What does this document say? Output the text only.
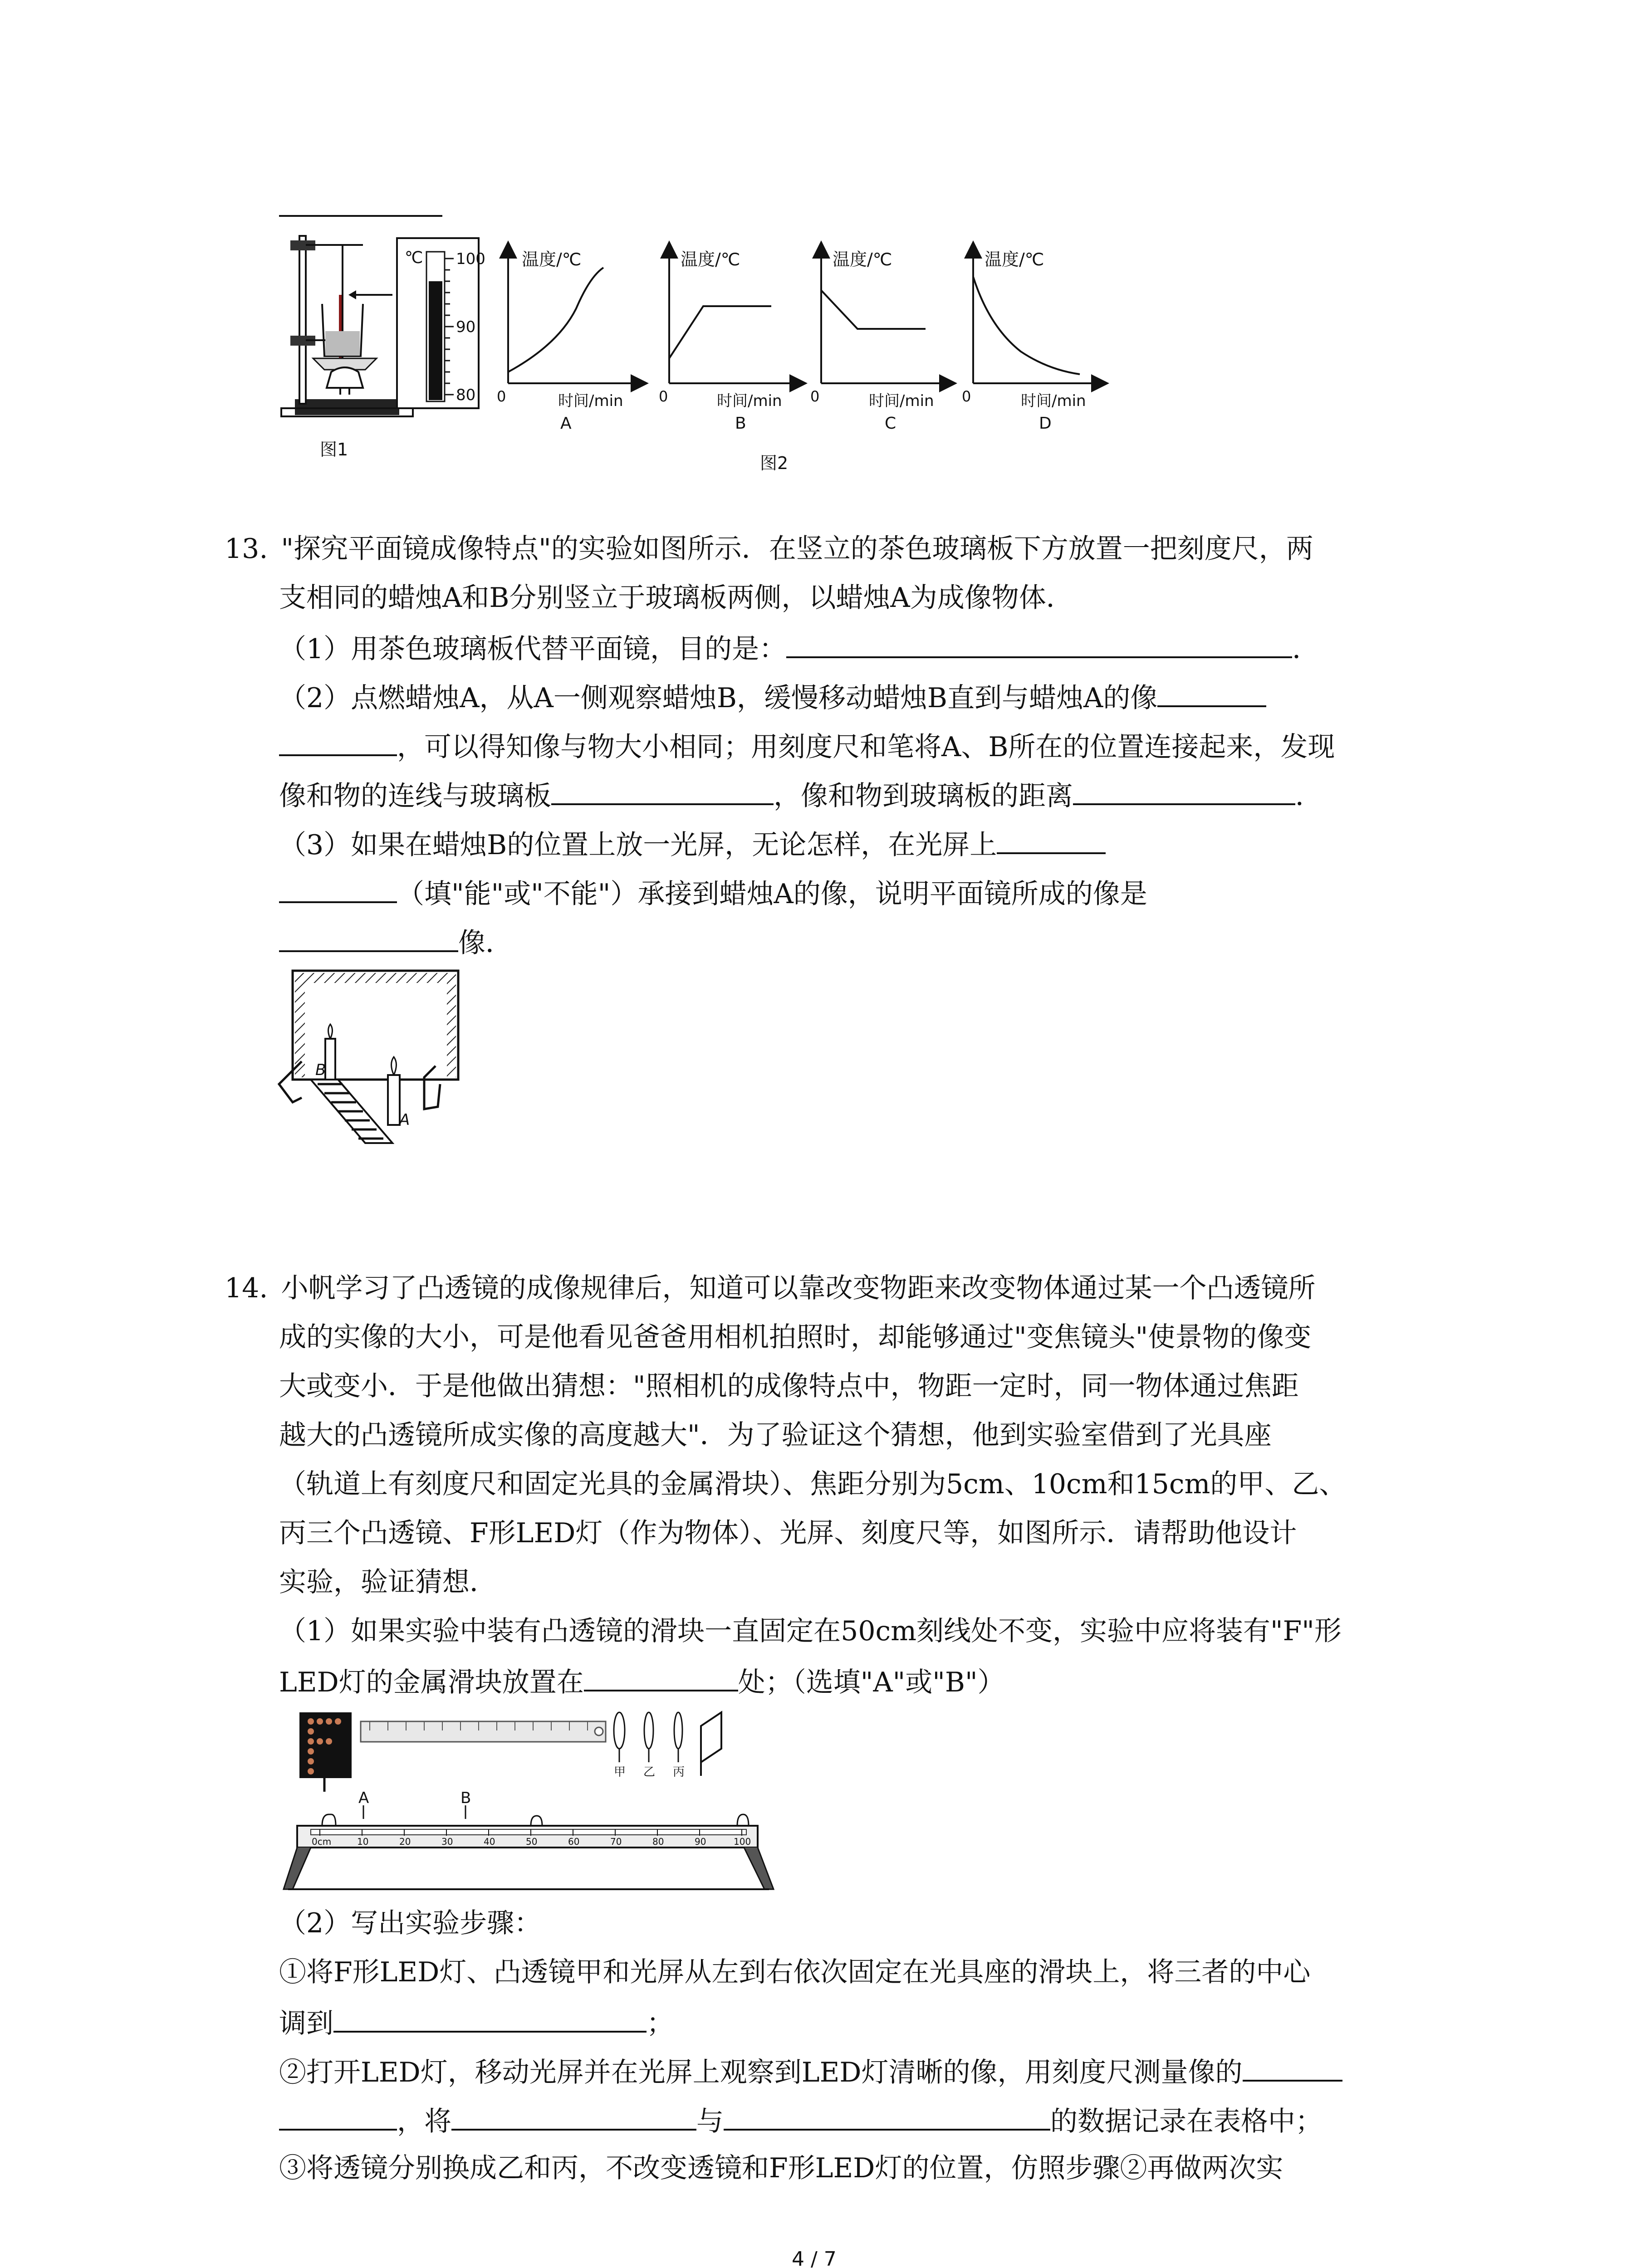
℃ 100
90
80
图1
温度/℃
0	时间/min
A
温度/℃
0	时间/min
B
温度/℃
0	时间/min
C
温度/℃
0	时间/min
D
图2
13. "探究平面镜成像特点"的实验如图所示．在竖立的茶色玻璃板下方放置一把刻度尺，两
支相同的蜡烛A和B分别竖立于玻璃板两侧，以蜡烛A为成像物体．
（1）用茶色玻璃板代替平面镜，目的是：	．
（2）点燃蜡烛A，从A一侧观察蜡烛B，缓慢移动蜡烛B直到与蜡烛A的像
，可以得知像与物大小相同；用刻度尺和笔将A、B所在的位置连接起来，发现
像和物的连线与玻璃板	，像和物到玻璃板的距离	．
（3）如果在蜡烛B的位置上放一光屏，无论怎样，在光屏上
（填"能"或"不能"）承接到蜡烛A的像，说明平面镜所成的像是
像．
B
A
14. 小帆学习了凸透镜的成像规律后，知道可以靠改变物距来改变物体通过某一个凸透镜所
成的实像的大小，可是他看见爸爸用相机拍照时，却能够通过"变焦镜头"使景物的像变
大或变小．于是他做出猜想："照相机的成像特点中，物距一定时，同一物体通过焦距
越大的凸透镜所成实像的高度越大"．为了验证这个猜想，他到实验室借到了光具座
（轨道上有刻度尺和固定光具的金属滑块）、焦距分别为5cm、10cm和15cm的甲、乙、
丙三个凸透镜、F形LED灯（作为物体）、光屏、刻度尺等，如图所示．请帮助他设计
实验，验证猜想．
（1）如果实验中装有凸透镜的滑块一直固定在50cm刻线处不变，实验中应将装有"F"形
LED灯的金属滑块放置在	处；（选填"A"或"B"）
甲 乙 丙
A	B
0cm	10	20	30	40	50	60	70	80	90	100
（2）写出实验步骤：
①将F形LED灯、凸透镜甲和光屏从左到右依次固定在光具座的滑块上，将三者的中心
调到	；
②打开LED灯，移动光屏并在光屏上观察到LED灯清晰的像，用刻度尺测量像的
，将	与	的数据记录在表格中；
③将透镜分别换成乙和丙，不改变透镜和F形LED灯的位置，仿照步骤②再做两次实
4 / 7
